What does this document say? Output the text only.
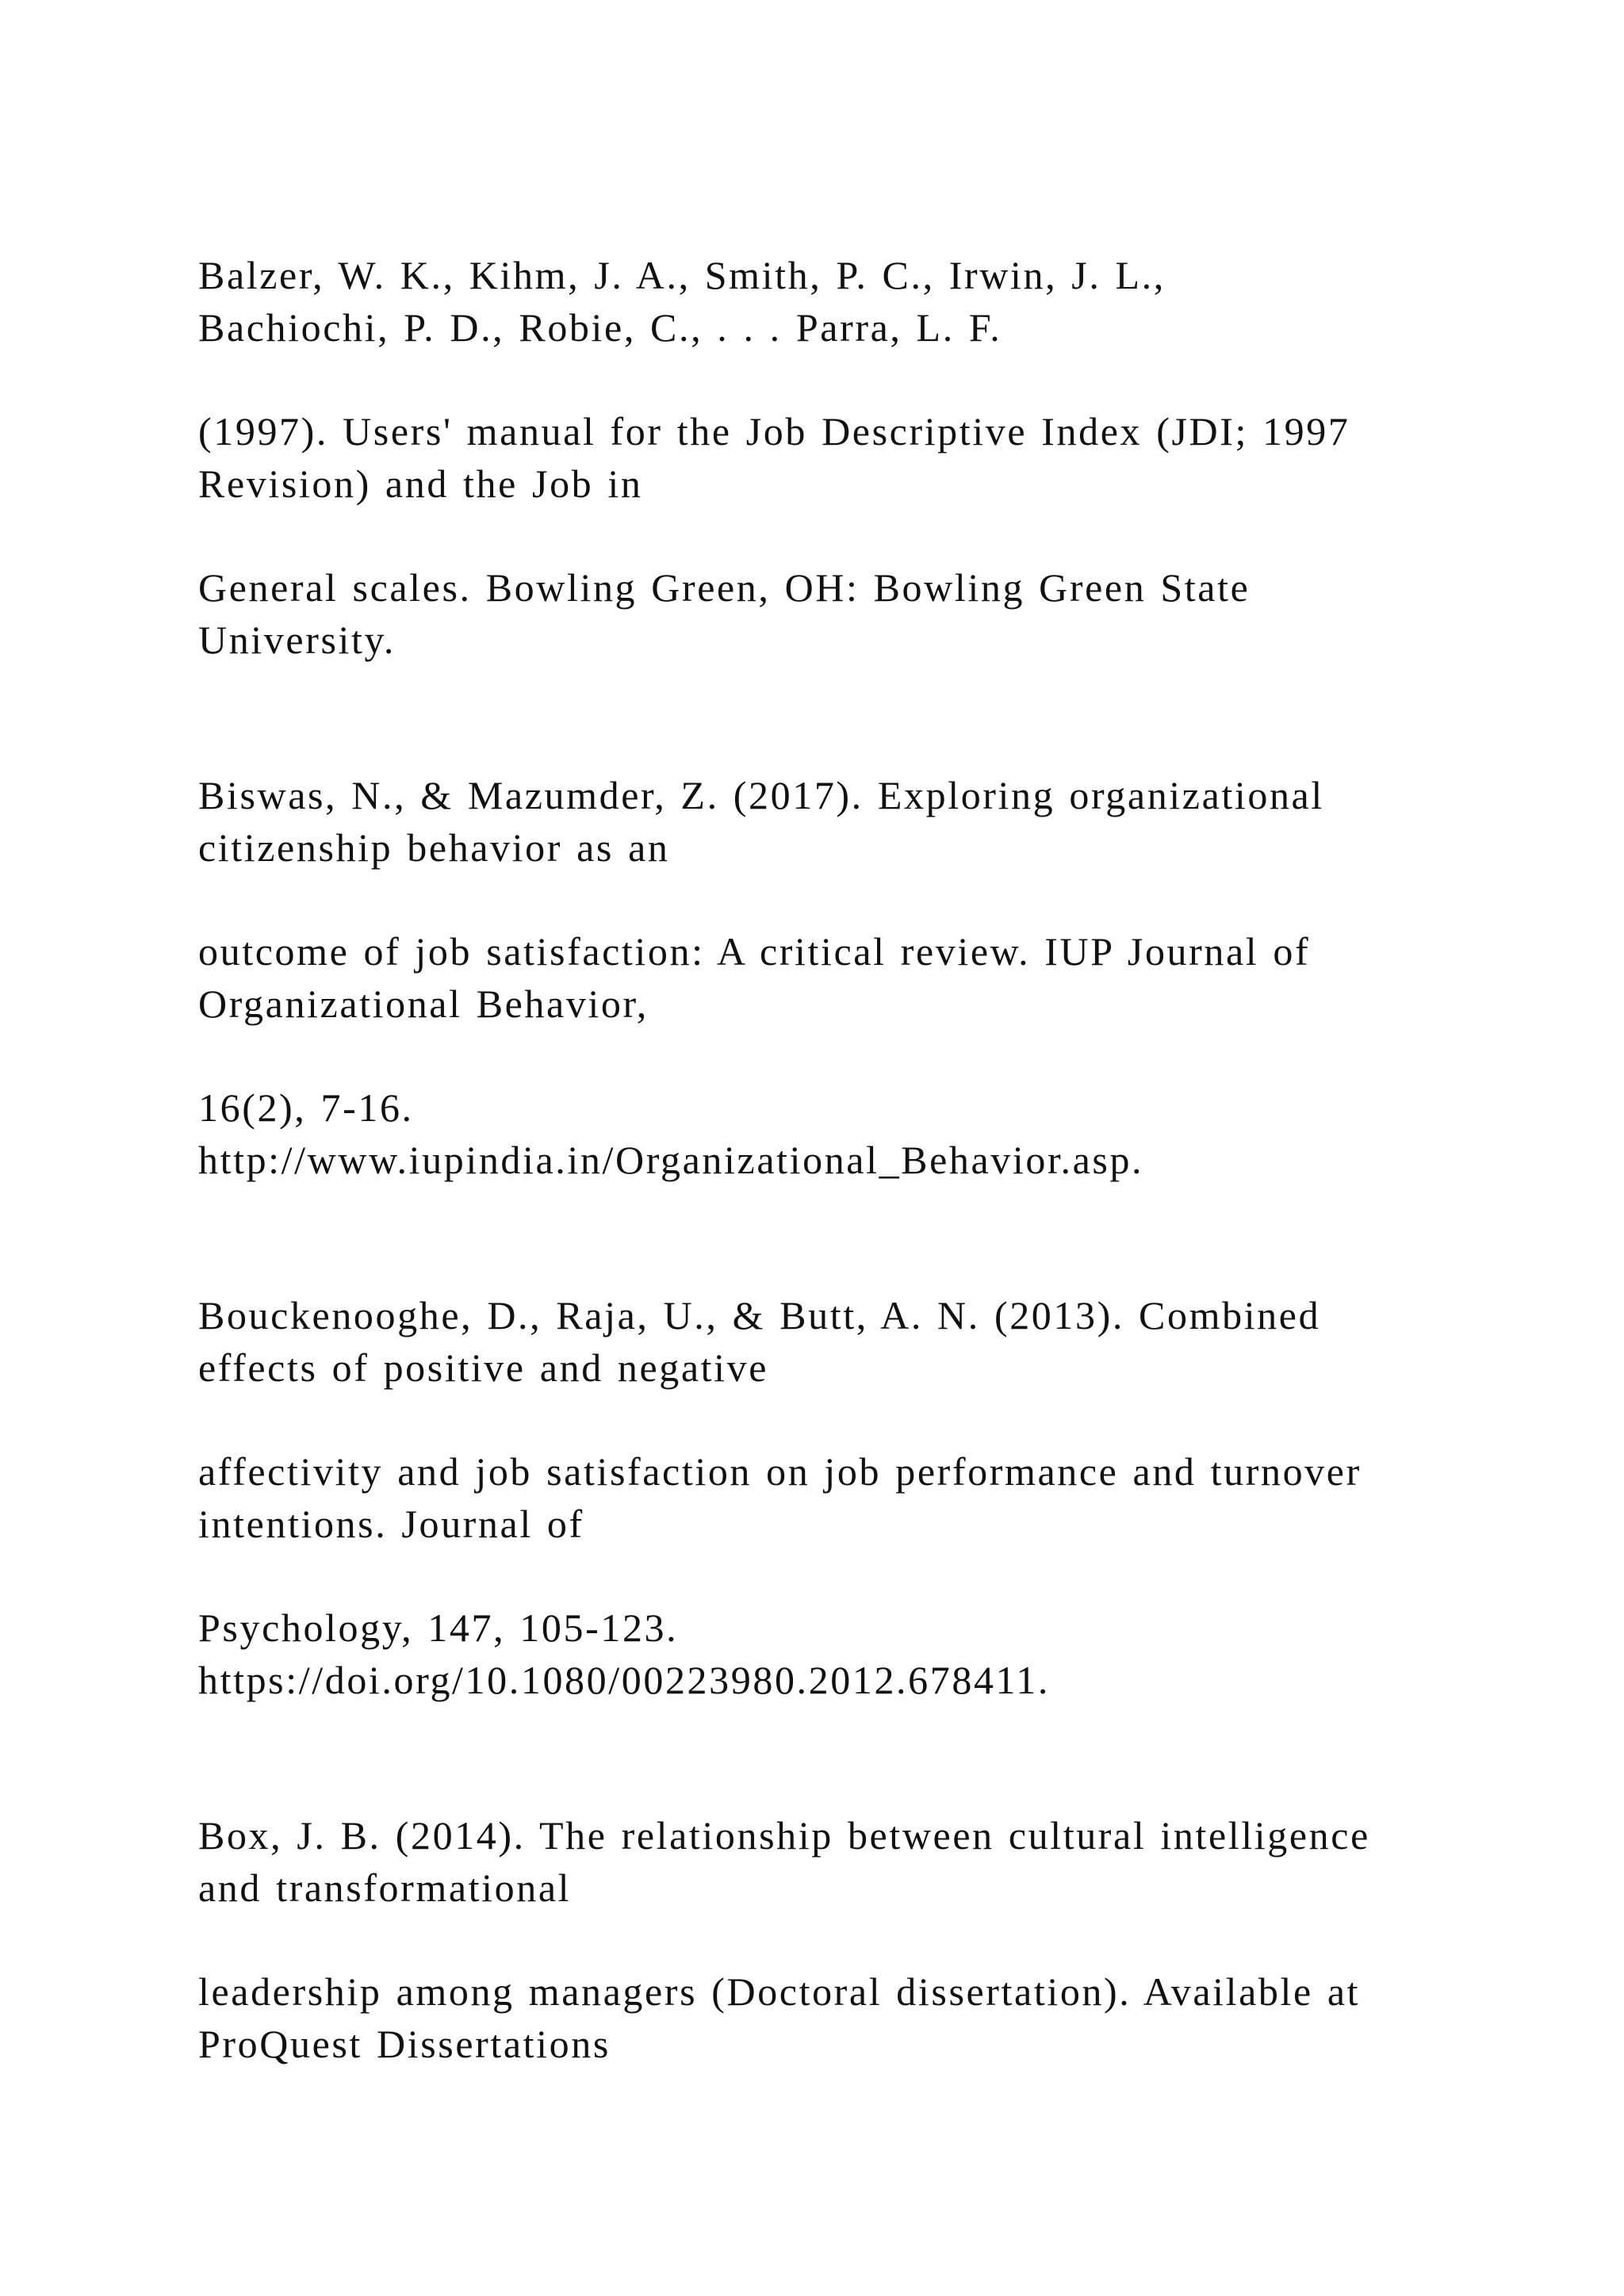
Balzer, W. K., Kihm, J. A., Smith, P. C., Irwin, J. L.,

Bachiochi, P. D., Robie, C., . . . Parra, L. F.

(1997). Users' manual for the Job Descriptive Index (JDI; 1997

Revision) and the Job in

General scales. Bowling Green, OH: Bowling Green State

University.

Biswas, N., & Mazumder, Z. (2017). Exploring organizational

citizenship behavior as an

outcome of job satisfaction: A critical review. IUP Journal of

Organizational Behavior,

16(2), 7-16.

http://www.iupindia.in/Organizational_Behavior.asp.

Bouckenooghe, D., Raja, U., & Butt, A. N. (2013). Combined

effects of positive and negative

affectivity and job satisfaction on job performance and turnover

intentions. Journal of

Psychology, 147, 105-123.

https://doi.org/10.1080/00223980.2012.678411.

Box, J. B. (2014). The relationship between cultural intelligence

and transformational

leadership among managers (Doctoral dissertation). Available at

ProQuest Dissertations
